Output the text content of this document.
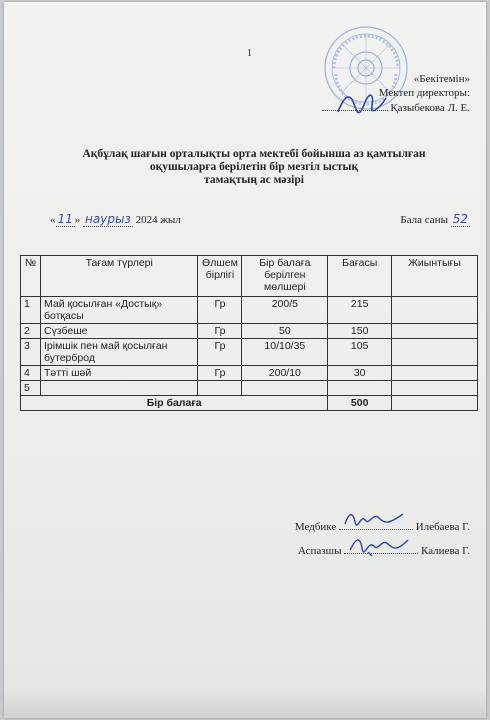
1
«Бекітемін»
Мектеп директоры:
Қазыбекова Л. Е.
Ақбұлақ шағын орталықты орта мектебі бойынша аз қамтылған
оқушыларға берілетін бір мезгіл ыстық
тамақтың ас мәзірі
« 11 » наурыз 2024 жыл	Бала саны 52
№	Тағам түрлері	Өлшем бірлігі	Бір балаға берілген мөлшері	Бағасы	Жиынтығы
1	Май қосылған «Достық» ботқасы	Гр	200/5	215	
2	Сүзбеше	Гр	50	150	
3	Ірімшік пен май қосылған бутерброд	Гр	10/10/35	105	
4	Тәтті шәй	Гр	200/10	30	
5					
Бір балаға				500	
Медбике	Илебаева Г.
Аспазшы	Калиева Г.
